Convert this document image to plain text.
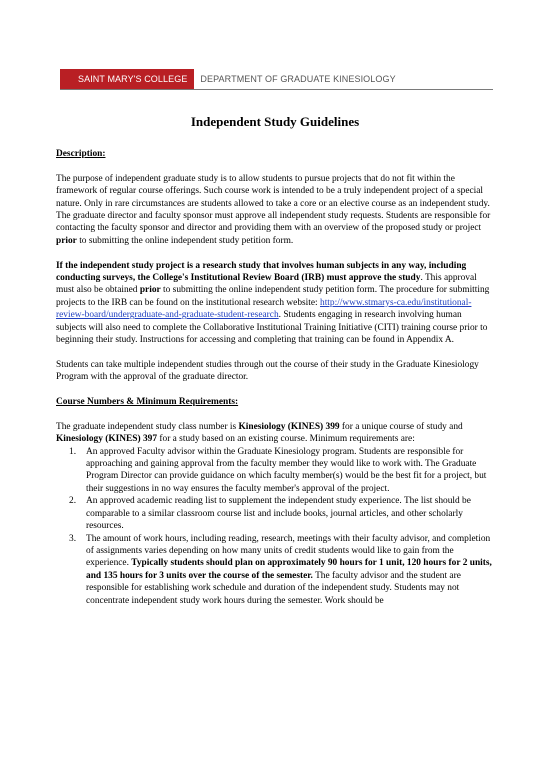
SAINT MARY'S COLLEGE	DEPARTMENT OF GRADUATE KINESIOLOGY
Independent Study Guidelines

Description:

The purpose of independent graduate study is to allow students to pursue projects that do not fit within the framework of regular course offerings. Such course work is intended to be a truly independent project of a special nature. Only in rare circumstances are students allowed to take a core or an elective course as an independent study. The graduate director and faculty sponsor must approve all independent study requests. Students are responsible for contacting the faculty sponsor and director and providing them with an overview of the proposed study or project prior to submitting the online independent study petition form.

If the independent study project is a research study that involves human subjects in any way, including conducting surveys, the College's Institutional Review Board (IRB) must approve the study. This approval must also be obtained prior to submitting the online independent study petition form. The procedure for submitting projects to the IRB can be found on the institutional research website: http://www.stmarys-ca.edu/institutional-review-board/undergraduate-and-graduate-student-research. Students engaging in research involving human subjects will also need to complete the Collaborative Institutional Training Initiative (CITI) training course prior to beginning their study. Instructions for accessing and completing that training can be found in Appendix A.

Students can take multiple independent studies through out the course of their study in the Graduate Kinesiology Program with the approval of the graduate director.

Course Numbers & Minimum Requirements:

The graduate independent study class number is Kinesiology (KINES) 399 for a unique course of study and Kinesiology (KINES) 397 for a study based on an existing course. Minimum requirements are:
1. An approved Faculty advisor within the Graduate Kinesiology program. Students are responsible for approaching and gaining approval from the faculty member they would like to work with. The Graduate Program Director can provide guidance on which faculty member(s) would be the best fit for a project, but their suggestions in no way ensures the faculty member's approval of the project.
2. An approved academic reading list to supplement the independent study experience. The list should be comparable to a similar classroom course list and include books, journal articles, and other scholarly resources.
3. The amount of work hours, including reading, research, meetings with their faculty advisor, and completion of assignments varies depending on how many units of credit students would like to gain from the experience. Typically students should plan on approximately 90 hours for 1 unit, 120 hours for 2 units, and 135 hours for 3 units over the course of the semester. The faculty advisor and the student are responsible for establishing work schedule and duration of the independent study. Students may not concentrate independent study work hours during the semester. Work should be
